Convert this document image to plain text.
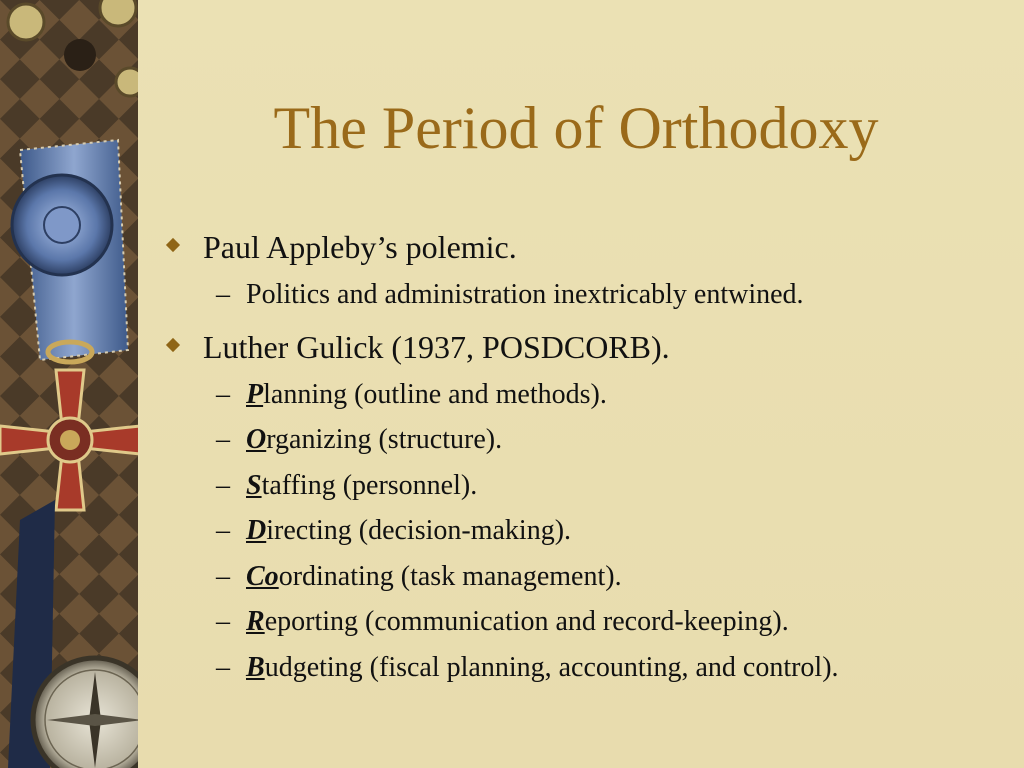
The Period of Orthodoxy
Paul Appleby’s polemic.
– Politics and administration inextricably entwined.
Luther Gulick (1937, POSDCORB).
– Planning (outline and methods).
– Organizing (structure).
– Staffing (personnel).
– Directing (decision-making).
– Coordinating (task management).
– Reporting (communication and record-keeping).
– Budgeting (fiscal planning, accounting, and control).
